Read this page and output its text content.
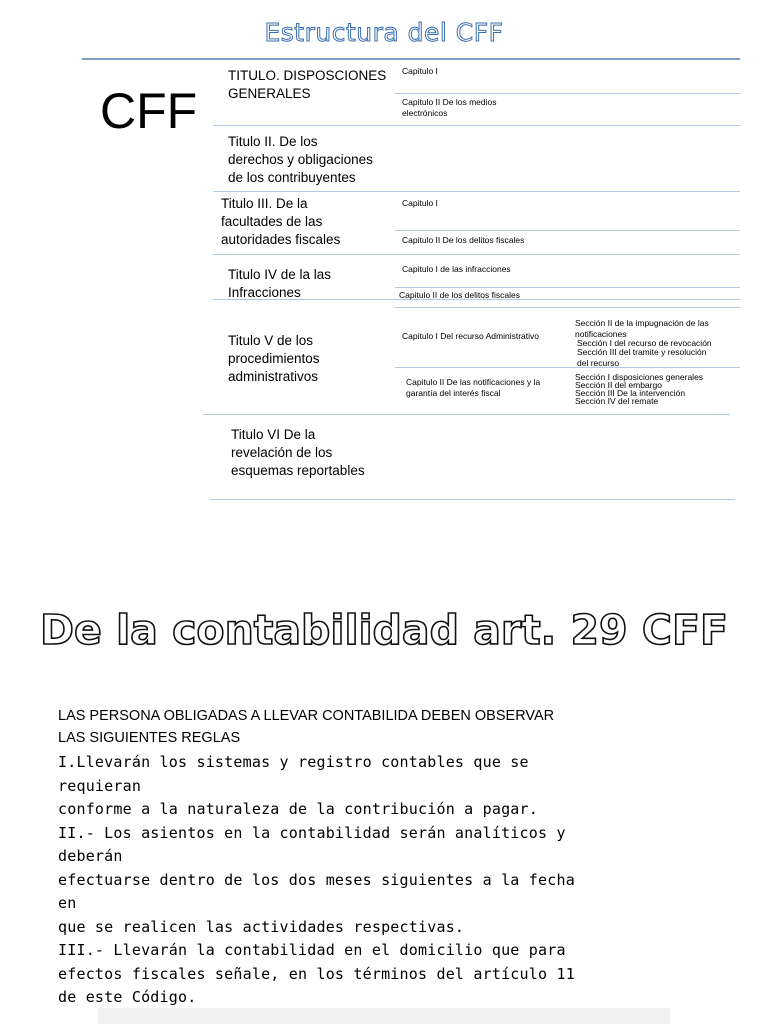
Estructura del CFF
CFF
TITULO. DISPOSCIONES
GENERALES
Titulo II. De los
derechos y obligaciones
de los contribuyentes
Titulo III. De la
facultades de las
autoridades fiscales
Titulo IV de la las
Infracciones
Titulo V de los
procedimientos
administrativos
Titulo VI De la
revelación de los
esquemas reportables
Capitulo I
Capitulo II De los medios
electrónicos
Capitulo I
Capitulo II De los delitos fiscales
Capitulo I de las infracciones
Capitulo II de los delitos fiscales
Capitulo I Del recurso Administrativo
Capitulo II De las notificaciones y la
garantía del interés fiscal
Sección II de la impugnación de las
notificaciones
Sección I del recurso de revocación
Sección III del tramite y resolución
del recurso
Sección I disposiciones generales
Sección II del embargo
Sección III De la intervención
Sección IV del remate
De la contabilidad art. 29 CFF
LAS PERSONA OBLIGADAS A LLEVAR CONTABILIDA DEBEN OBSERVAR
LAS SIGUIENTES REGLAS
I.Llevarán los sistemas y registro contables que se
requieran
conforme a la naturaleza de la contribución a pagar.
II.- Los asientos en la contabilidad serán analíticos y
deberán
efectuarse dentro de los dos meses siguientes a la fecha
en
que se realicen las actividades respectivas.
III.- Llevarán la contabilidad en el domicilio que para
efectos fiscales señale, en los términos del artículo 11
de este Código.
